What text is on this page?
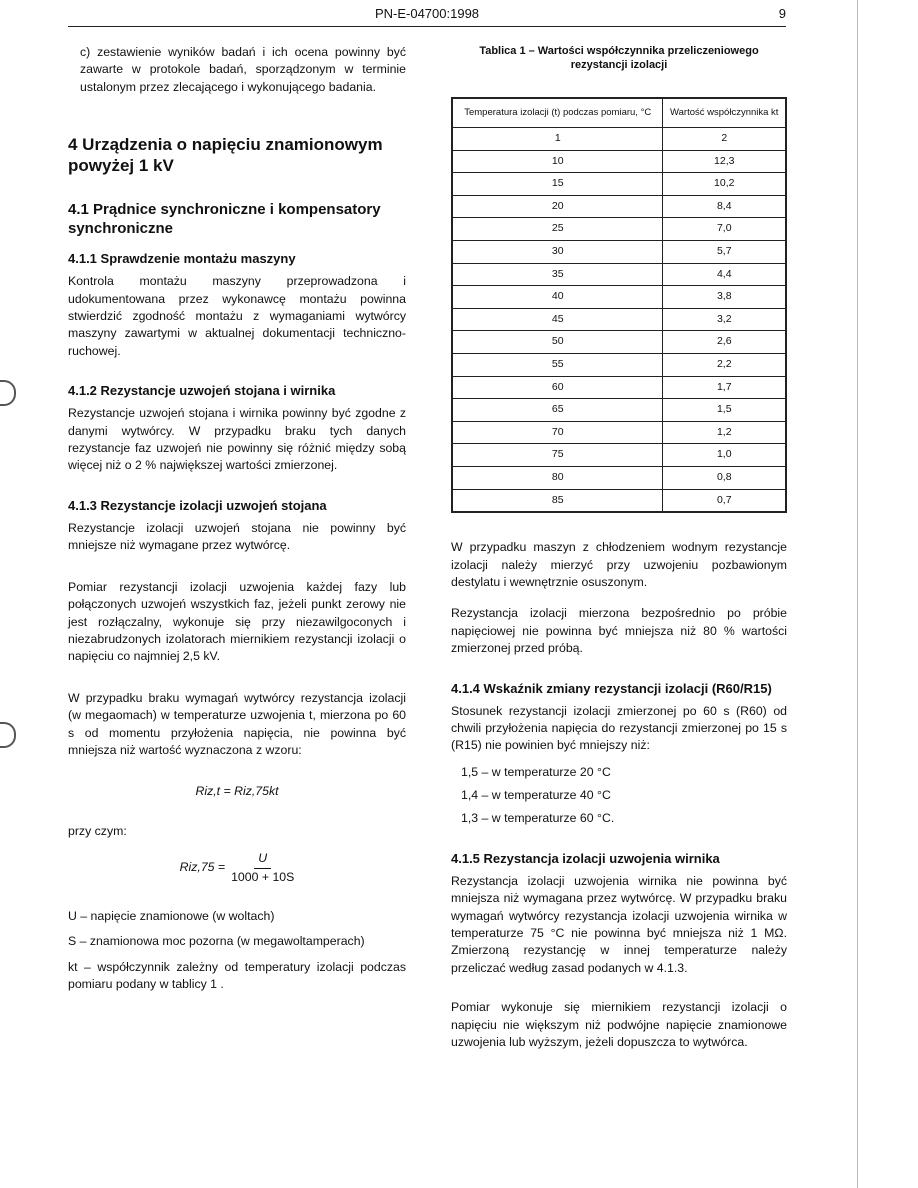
PN-E-04700:1998	9

c) zestawienie wyników badań i ich ocena powinny być zawarte w protokole badań, sporządzonym w terminie ustalonym przez zlecającego i wykonującego badania.

4 Urządzenia o napięciu znamionowym powyżej 1 kV
4.1 Prądnice synchroniczne i kompensatory synchroniczne
4.1.1 Sprawdzenie montażu maszyny

Kontrola montażu maszyny przeprowadzona i udokumentowana przez wykonawcę montażu powinna stwierdzić zgodność montażu z wymaganiami wytwórcy maszyny zawartymi w aktualnej dokumentacji techniczno-ruchowej.

4.1.2 Rezystancje uzwojeń stojana i wirnika

Rezystancje uzwojeń stojana i wirnika powinny być zgodne z danymi wytwórcy. W przypadku braku tych danych rezystancje faz uzwojeń nie powinny się różnić między sobą więcej niż o 2 % największej wartości zmierzonej.

4.1.3 Rezystancje izolacji uzwojeń stojana

Rezystancje izolacji uzwojeń stojana nie powinny być mniejsze niż wymagane przez wytwórcę.

Pomiar rezystancji izolacji uzwojenia każdej fazy lub połączonych uzwojeń wszystkich faz, jeżeli punkt zerowy nie jest rozłączalny, wykonuje się przy niezawilgoconych i niezabrudzonych izolatorach miernikiem rezystancji izolacji o napięciu co najmniej 2,5 kV.

W przypadku braku wymagań wytwórcy rezystancja izolacji (w megaomach) w temperaturze uzwojenia t, mierzona po 60 s od momentu przyłożenia napięcia, nie powinna być mniejsza niż wartość wyznaczona z wzoru:

Riz,t = Riz,75kt

przy czym:

$Riz,75 = \frac{U}{1000 + 10S}$

U – napięcie znamionowe (w woltach)

S – znamionowa moc pozorna (w megawoltamperach)

kt – współczynnik zależny od temperatury izolacji podczas pomiaru podany w tablicy 1 .

Tablica 1 – Wartości współczynnika przeliczeniowego rezystancji izolacji
Temperatura izolacji (t) podczas pomiaru, °C	Wartość współczynnika kt
1	2
10	12,3
15	10,2
20	8,4
25	7,0
30	5,7
35	4,4
40	3,8
45	3,2
50	2,6
55	2,2
60	1,7
65	1,5
70	1,2
75	1,0
80	0,8
85	0,7

W przypadku maszyn z chłodzeniem wodnym rezystancje izolacji należy mierzyć przy uzwojeniu pozbawionym destylatu i wewnętrznie osuszonym.

Rezystancja izolacji mierzona bezpośrednio po próbie napięciowej nie powinna być mniejsza niż 80 % wartości zmierzonej przed próbą.

4.1.4 Wskaźnik zmiany rezystancji izolacji (R60/R15)

Stosunek rezystancji izolacji zmierzonej po 60 s (R60) od chwili przyłożenia napięcia do rezystancji zmierzonej po 15 s (R15) nie powinien być mniejszy niż:

1,5 – w temperaturze 20 °C
1,4 – w temperaturze 40 °C
1,3 – w temperaturze 60 °C.
4.1.5 Rezystancja izolacji uzwojenia wirnika

Rezystancja izolacji uzwojenia wirnika nie powinna być mniejsza niż wymagana przez wytwórcę. W przypadku braku wymagań wytwórcy rezystancja izolacji uzwojenia wirnika w temperaturze 75 °C nie powinna być mniejsza niż 1 MΩ. Zmierzoną rezystancję w innej temperaturze należy przeliczać według zasad podanych w 4.1.3.

Pomiar wykonuje się miernikiem rezystancji izolacji o napięciu nie większym niż podwójne napięcie znamionowe uzwojenia lub wyższym, jeżeli dopuszcza to wytwórca.
